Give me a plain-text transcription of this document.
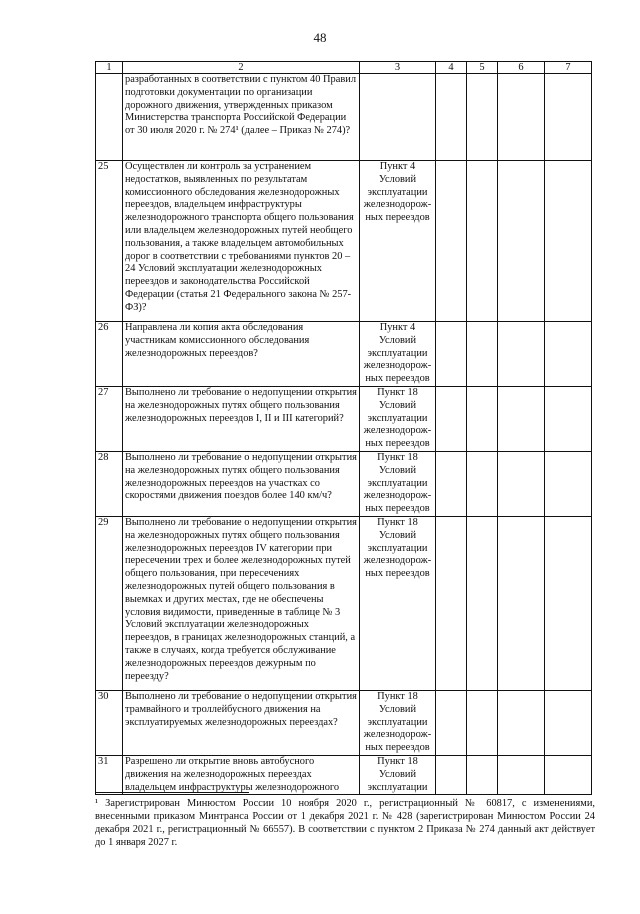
48
1	2	3	4	5	6	7
	разработанных в соответствии с пунктом 40 Правил подготовки документации по организации дорожного движения, утвержденных приказом Министерства транспорта Российской Федерации от 30 июля 2020 г. № 274¹ (далее – Приказ № 274)?					
25	Осуществлен ли контроль за устранением недостатков, выявленных по результатам комиссионного обследования железнодорожных переездов, владельцем инфраструктуры железнодорожного транспорта общего пользования или владельцем железнодорожных путей необщего пользования, а также владельцем автомобильных дорог в соответствии с требованиями пунктов 20 – 24 Условий эксплуатации железнодорожных переездов и законодательства Российской Федерации (статья 21 Федерального закона № 257-ФЗ)?	Пункт 4 Условий эксплуатации железнодорож-ных переездов				
26	Направлена ли копия акта обследования участникам комиссионного обследования железнодорожных переездов?	Пункт 4 Условий эксплуатации железнодорож-ных переездов				
27	Выполнено ли требование о недопущении открытия на железнодорожных путях общего пользования железнодорожных переездов I, II и III категорий?	Пункт 18 Условий эксплуатации железнодорож-ных переездов				
28	Выполнено ли требование о недопущении открытия на железнодорожных путях общего пользования железнодорожных переездов на участках со скоростями движения поездов более 140 км/ч?	Пункт 18 Условий эксплуатации железнодорож-ных переездов				
29	Выполнено ли требование о недопущении открытия на железнодорожных путях общего пользования железнодорожных переездов IV категории при пересечении трех и более железнодорожных путей общего пользования, при пересечениях железнодорожных путей общего пользования в выемках и других местах, где не обеспечены условия видимости, приведенные в таблице № 3 Условий эксплуатации железнодорожных переездов, в границах железнодорожных станций, а также в случаях, когда требуется обслуживание железнодорожных переездов дежурным по переезду?	Пункт 18 Условий эксплуатации железнодорож-ных переездов				
30	Выполнено ли требование о недопущении открытия трамвайного и троллейбусного движения на эксплуатируемых железнодорожных переездах?	Пункт 18 Условий эксплуатации железнодорож-ных переездов				
31	Разрешено ли открытие вновь автобусного движения на железнодорожных переездах владельцем инфраструктуры железнодорожного	Пункт 18 Условий эксплуатации				
¹ Зарегистрирован Минюстом России 10 ноября 2020 г., регистрационный № 60817, с изменениями, внесенными приказом Минтранса России от 1 декабря 2021 г. № 428 (зарегистрирован Минюстом России 24 декабря 2021 г., регистрационный № 66557). В соответствии с пунктом 2 Приказа № 274 данный акт действует до 1 января 2027 г.
